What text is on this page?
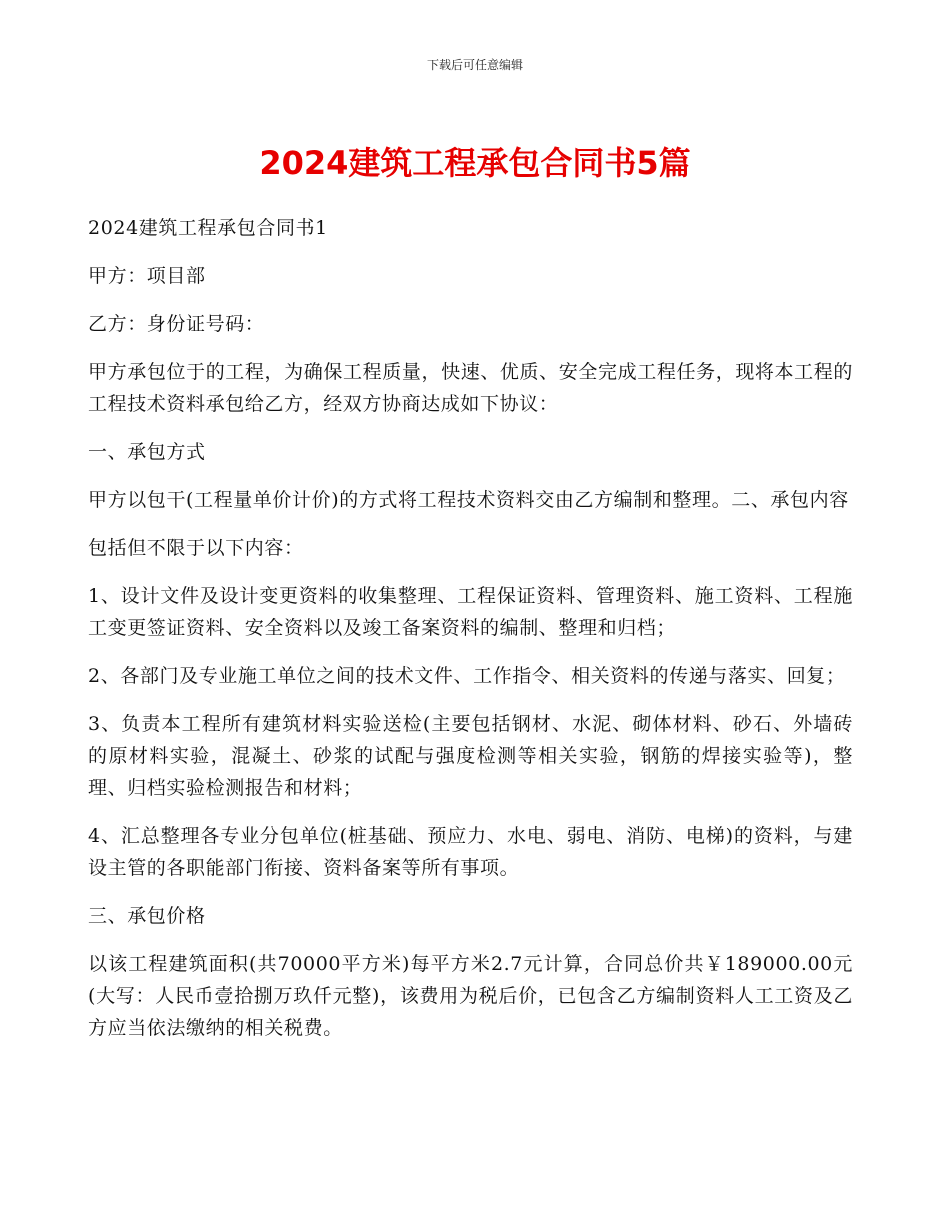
下载后可任意编辑
2024建筑工程承包合同书5篇

2024建筑工程承包合同书1

甲方：项目部

乙方：身份证号码：

甲方承包位于的工程，为确保工程质量，快速、优质、安全完成工程任务，现将本工程的工程技术资料承包给乙方，经双方协商达成如下协议：

一、承包方式

甲方以包干(工程量单价计价)的方式将工程技术资料交由乙方编制和整理。二、承包内容

包括但不限于以下内容：

1、设计文件及设计变更资料的收集整理、工程保证资料、管理资料、施工资料、工程施工变更签证资料、安全资料以及竣工备案资料的编制、整理和归档；

2、各部门及专业施工单位之间的技术文件、工作指令、相关资料的传递与落实、回复；

3、负责本工程所有建筑材料实验送检(主要包括钢材、水泥、砌体材料、砂石、外墙砖的原材料实验，混凝土、砂浆的试配与强度检测等相关实验，钢筋的焊接实验等)，整理、归档实验检测报告和材料；

4、汇总整理各专业分包单位(桩基础、预应力、水电、弱电、消防、电梯)的资料，与建设主管的各职能部门衔接、资料备案等所有事项。

三、承包价格

以该工程建筑面积(共70000平方米)每平方米2.7元计算，合同总价共￥189000.00元(大写：人民币壹拾捌万玖仟元整)，该费用为税后价，已包含乙方编制资料人工工资及乙方应当依法缴纳的相关税费。
